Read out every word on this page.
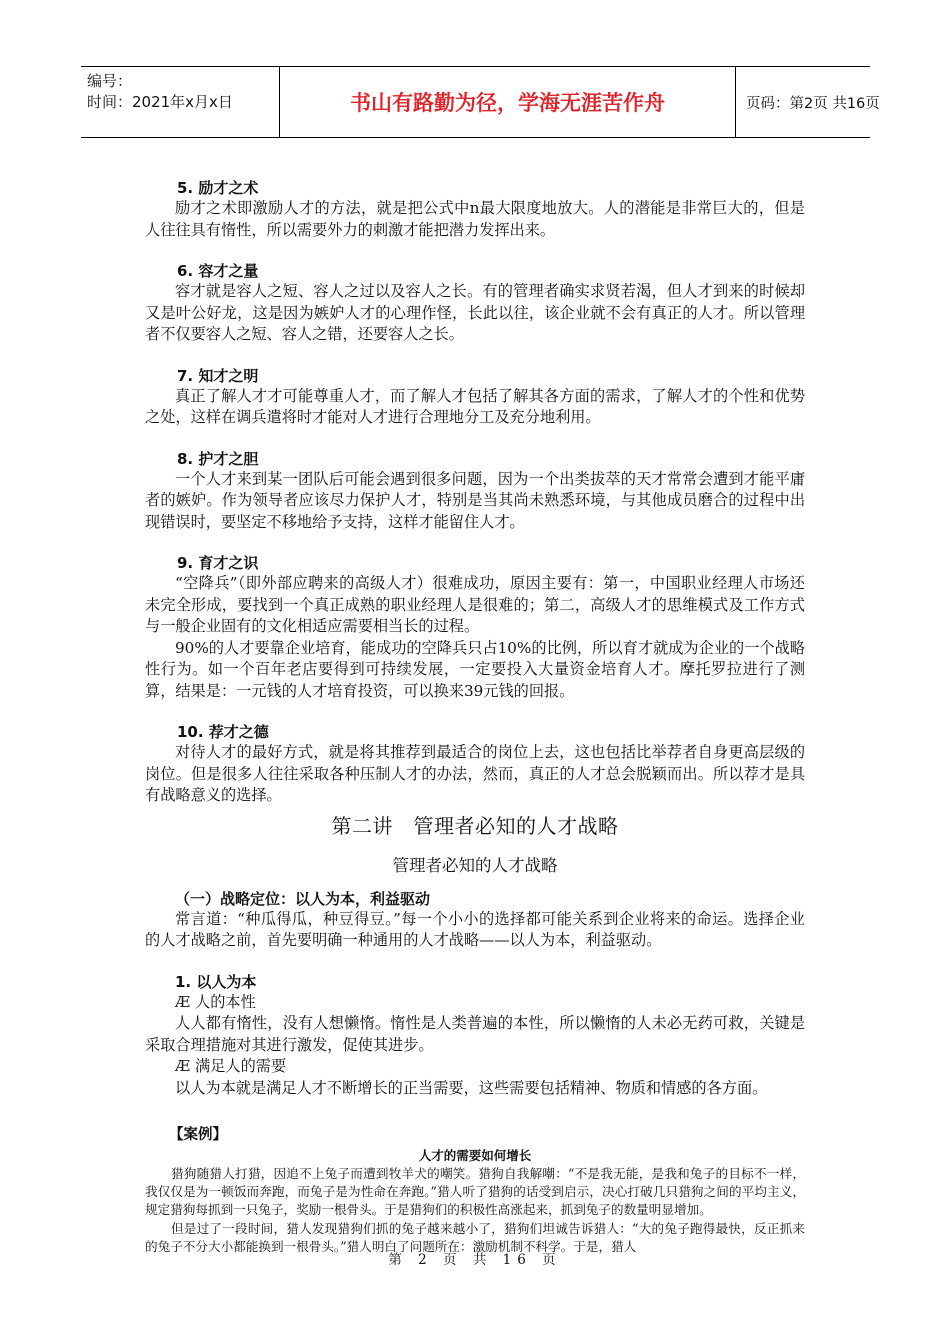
编号：
时间：2021年x月x日	书山有路勤为径，学海无涯苦作舟	页码：第2页 共16页

5. 励才之术

励才之术即激励人才的方法，就是把公式中n最大限度地放大。人的潜能是非常巨大的，但是人往往具有惰性，所以需要外力的刺激才能把潜力发挥出来。

6. 容才之量

容才就是容人之短、容人之过以及容人之长。有的管理者确实求贤若渴，但人才到来的时候却又是叶公好龙，这是因为嫉妒人才的心理作怪，长此以往，该企业就不会有真正的人才。所以管理者不仅要容人之短、容人之错，还要容人之长。

7. 知才之明

真正了解人才才可能尊重人才，而了解人才包括了解其各方面的需求，了解人才的个性和优势之处，这样在调兵遣将时才能对人才进行合理地分工及充分地利用。

8. 护才之胆

一个人才来到某一团队后可能会遇到很多问题，因为一个出类拔萃的天才常常会遭到才能平庸者的嫉妒。作为领导者应该尽力保护人才，特别是当其尚未熟悉环境，与其他成员磨合的过程中出现错误时，要坚定不移地给予支持，这样才能留住人才。

9. 育才之识

“空降兵”（即外部应聘来的高级人才）很难成功，原因主要有：第一，中国职业经理人市场还未完全形成，要找到一个真正成熟的职业经理人是很难的；第二，高级人才的思维模式及工作方式与一般企业固有的文化相适应需要相当长的过程。

90%的人才要靠企业培育，能成功的空降兵只占10%的比例，所以育才就成为企业的一个战略性行为。如一个百年老店要得到可持续发展，一定要投入大量资金培育人才。摩托罗拉进行了测算，结果是：一元钱的人才培育投资，可以换来39元钱的回报。

10. 荐才之德

对待人才的最好方式，就是将其推荐到最适合的岗位上去，这也包括比举荐者自身更高层级的岗位。但是很多人往往采取各种压制人才的办法，然而，真正的人才总会脱颖而出。所以荐才是具有战略意义的选择。

第二讲　管理者必知的人才战略

管理者必知的人才战略

（一）战略定位：以人为本，利益驱动

常言道：“种瓜得瓜，种豆得豆。”每一个小小的选择都可能关系到企业将来的命运。选择企业的人才战略之前，首先要明确一种通用的人才战略——以人为本，利益驱动。

1. 以人为本

Æ 人的本性

人人都有惰性，没有人想懒惰。惰性是人类普遍的本性，所以懒惰的人未必无药可救，关键是采取合理措施对其进行激发，促使其进步。

Æ 满足人的需要

以人为本就是满足人才不断增长的正当需要，这些需要包括精神、物质和情感的各方面。

【案例】

人才的需要如何增长

猎狗随猎人打猎，因追不上兔子而遭到牧羊犬的嘲笑。猎狗自我解嘲：“不是我无能，是我和兔子的目标不一样，我仅仅是为一顿饭而奔跑，而兔子是为性命在奔跑。”猎人听了猎狗的话受到启示，决心打破几只猎狗之间的平均主义，规定猎狗每抓到一只兔子，奖励一根骨头。于是猎狗们的积极性高涨起来，抓到兔子的数量明显增加。

但是过了一段时间，猎人发现猎狗们抓的兔子越来越小了，猎狗们坦诚告诉猎人：“大的兔子跑得最快，反正抓来的兔子不分大小都能换到一根骨头。”猎人明白了问题所在：激励机制不科学。于是，猎人

第 2 页 共 16 页
